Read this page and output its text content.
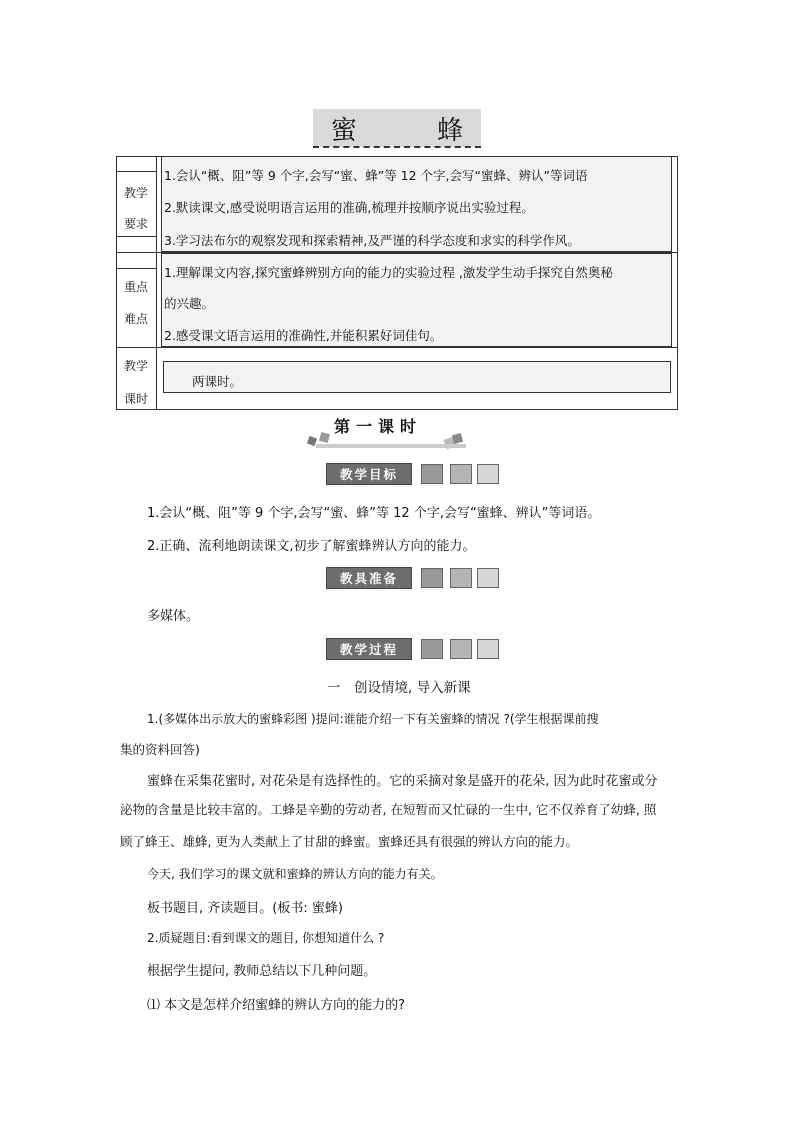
蜜 蜂
教学
要求
1.会认“概、阻”等 9 个字,会写“蜜、蜂”等 12 个字,会写“蜜蜂、辨认”等词语
2.默读课文,感受说明语言运用的准确,梳理并按顺序说出实验过程。
3.学习法布尔的观察发现和探索精神,及严谨的科学态度和求实的科学作风。
重点
难点
1.理解课文内容,探究蜜蜂辨别方向的能力的实验过程 ,激发学生动手探究自然奥秘
的兴趣。
2.感受课文语言运用的准确性,并能积累好词佳句。
教学
课时
两课时。
第一课时
教学目标
1.会认“概、阻”等 9 个字,会写“蜜、蜂”等 12 个字,会写“蜜蜂、辨认”等词语。
2.正确、流利地朗读课文,初步了解蜜蜂辨认方向的能力。
教具准备
多媒体。
教学过程
一　创设情境, 导入新课
1.(多媒体出示放大的蜜蜂彩图 )提问:谁能介绍一下有关蜜蜂的情况 ?(学生根据课前搜
集的资料回答)
蜜蜂在采集花蜜时, 对花朵是有选择性的。它的采摘对象是盛开的花朵, 因为此时花蜜或分
泌物的含量是比较丰富的。工蜂是辛勤的劳动者, 在短暂而又忙碌的一生中, 它不仅养育了幼蜂, 照
顾了蜂王、雄蜂, 更为人类献上了甘甜的蜂蜜。蜜蜂还具有很强的辨认方向的能力。
今天, 我们学习的课文就和蜜蜂的辨认方向的能力有关。
板书题目, 齐读题目。(板书: 蜜蜂)
2.质疑题目:看到课文的题目, 你想知道什么 ?
根据学生提问, 教师总结以下几种问题。
⑴ 本文是怎样介绍蜜蜂的辨认方向的能力的?
